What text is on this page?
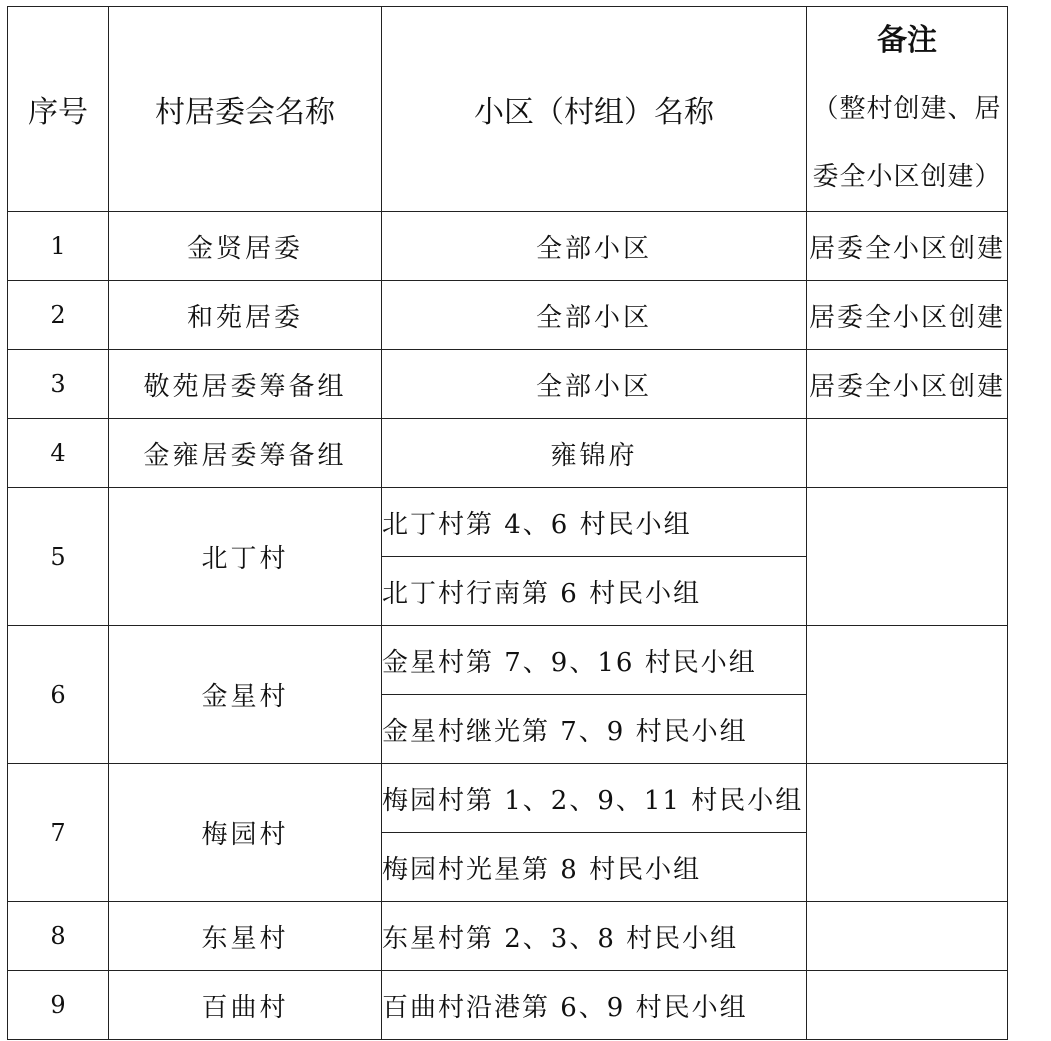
序号	村居委会名称	小区（村组）名称	备注
（整村创建、居
委全小区创建）

1	金贤居委	全部小区	居委全小区创建
2	和苑居委	全部小区	居委全小区创建
3	敬苑居委筹备组	全部小区	居委全小区创建
4	金雍居委筹备组	雍锦府	
5	北丁村	北丁村第 4、6 村民小组	
		北丁村行南第 6 村民小组	
6	金星村	金星村第 7、9、16 村民小组	
		金星村继光第 7、9 村民小组	
7	梅园村	梅园村第 1、2、9、11 村民小组	
		梅园村光星第 8 村民小组	
8	东星村	东星村第 2、3、8 村民小组	
9	百曲村	百曲村沿港第 6、9 村民小组	
